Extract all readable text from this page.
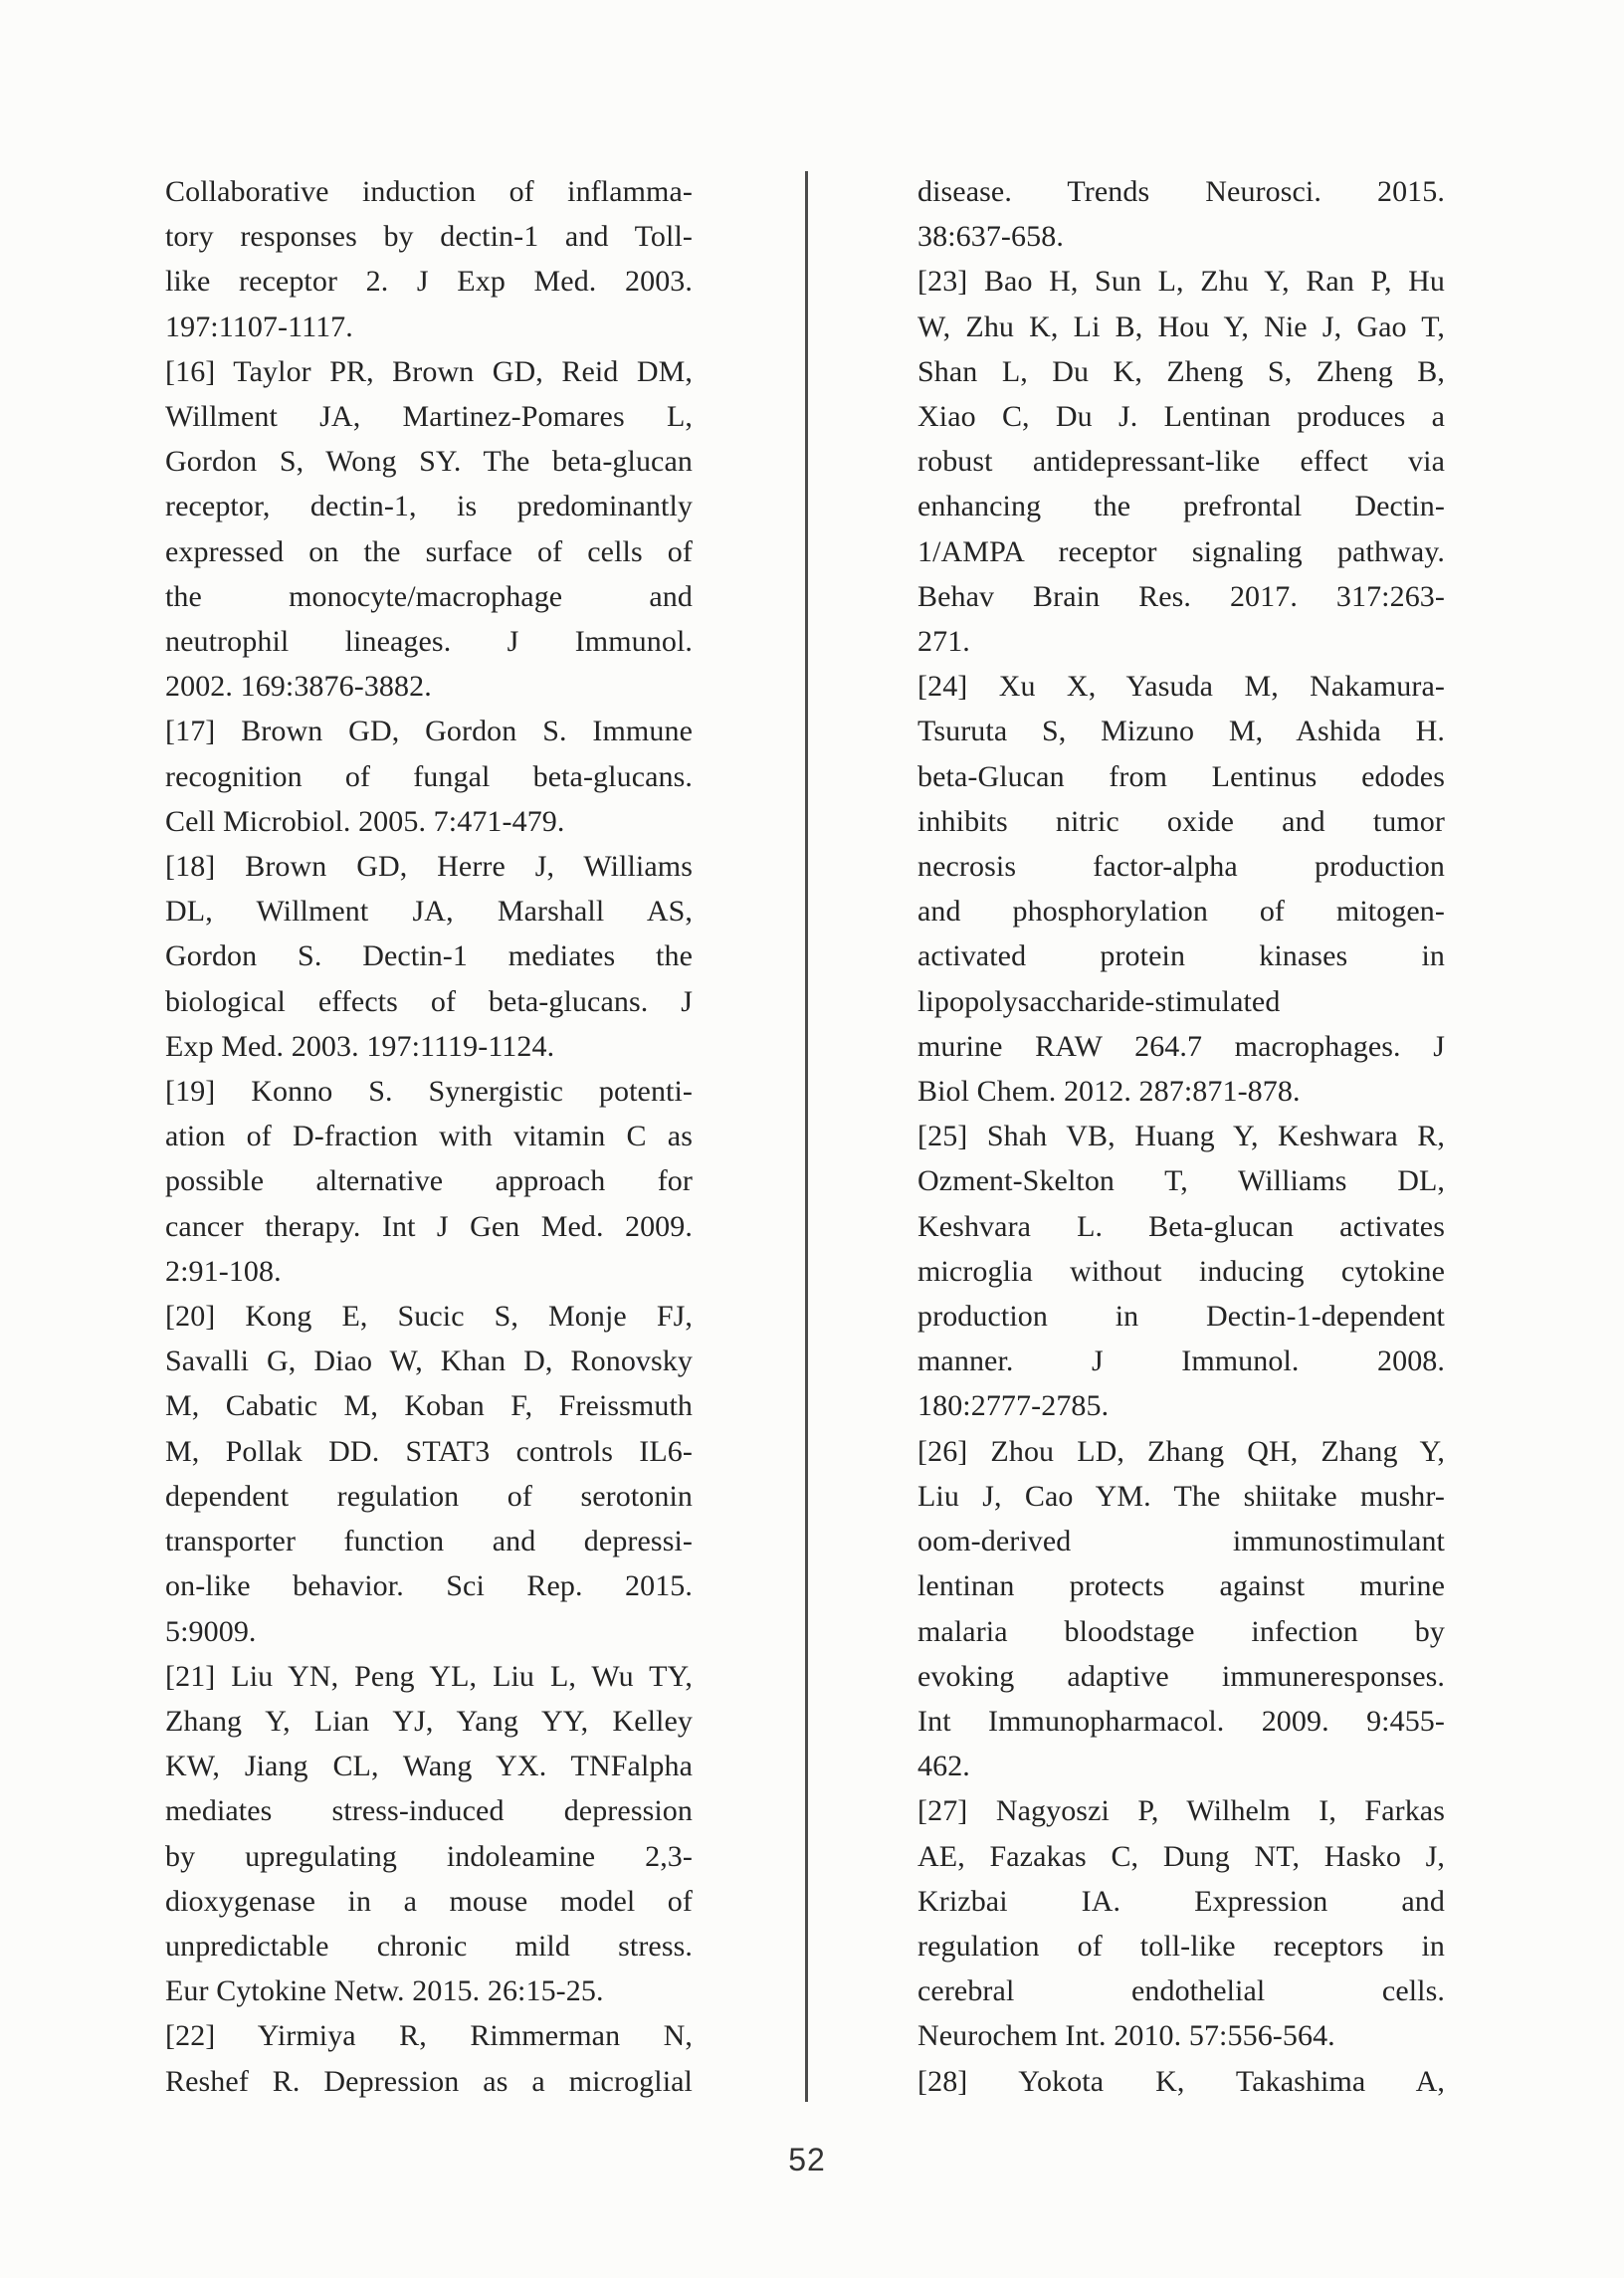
Collaborative induction of inflamma-
tory responses by dectin-1 and Toll-
like receptor 2. J Exp Med. 2003.
197:1107-1117.
[16] Taylor PR, Brown GD, Reid DM,
Willment JA, Martinez-Pomares L,
Gordon S, Wong SY. The beta-glucan
receptor, dectin-1, is predominantly
expressed on the surface of cells of
the monocyte/macrophage and
neutrophil lineages. J Immunol.
2002. 169:3876-3882.
[17] Brown GD, Gordon S. Immune
recognition of fungal beta-glucans.
Cell Microbiol. 2005. 7:471-479.
[18] Brown GD, Herre J, Williams
DL, Willment JA, Marshall AS,
Gordon S. Dectin-1 mediates the
biological effects of beta-glucans. J
Exp Med. 2003. 197:1119-1124.
[19] Konno S. Synergistic potenti-
ation of D-fraction with vitamin C as
possible alternative approach for
cancer therapy. Int J Gen Med. 2009.
2:91-108.
[20] Kong E, Sucic S, Monje FJ,
Savalli G, Diao W, Khan D, Ronovsky
M, Cabatic M, Koban F, Freissmuth
M, Pollak DD. STAT3 controls IL6-
dependent regulation of serotonin
transporter function and depressi-
on-like behavior. Sci Rep. 2015.
5:9009.
[21] Liu YN, Peng YL, Liu L, Wu TY,
Zhang Y, Lian YJ, Yang YY, Kelley
KW, Jiang CL, Wang YX. TNFalpha
mediates stress-induced depression
by upregulating indoleamine 2,3-
dioxygenase in a mouse model of
unpredictable chronic mild stress.
Eur Cytokine Netw. 2015. 26:15-25.
[22] Yirmiya R, Rimmerman N,
Reshef R. Depression as a microglial
disease. Trends Neurosci. 2015.
38:637-658.
[23] Bao H, Sun L, Zhu Y, Ran P, Hu
W, Zhu K, Li B, Hou Y, Nie J, Gao T,
Shan L, Du K, Zheng S, Zheng B,
Xiao C, Du J. Lentinan produces a
robust antidepressant-like effect via
enhancing the prefrontal Dectin-
1/AMPA receptor signaling pathway.
Behav Brain Res. 2017. 317:263-
271.
[24] Xu X, Yasuda M, Nakamura-
Tsuruta S, Mizuno M, Ashida H.
beta-Glucan from Lentinus edodes
inhibits nitric oxide and tumor
necrosis factor-alpha production
and phosphorylation of mitogen-
activated protein kinases in
lipopolysaccharide-stimulated
murine RAW 264.7 macrophages. J
Biol Chem. 2012. 287:871-878.
[25] Shah VB, Huang Y, Keshwara R,
Ozment-Skelton T, Williams DL,
Keshvara L. Beta-glucan activates
microglia without inducing cytokine
production in Dectin-1-dependent
manner. J Immunol. 2008.
180:2777-2785.
[26] Zhou LD, Zhang QH, Zhang Y,
Liu J, Cao YM. The shiitake mushr-
oom-derived immunostimulant
lentinan protects against murine
malaria bloodstage infection by
evoking adaptive immuneresponses.
Int Immunopharmacol. 2009. 9:455-
462.
[27] Nagyoszi P, Wilhelm I, Farkas
AE, Fazakas C, Dung NT, Hasko J,
Krizbai IA. Expression and
regulation of toll-like receptors in
cerebral endothelial cells.
Neurochem Int. 2010. 57:556-564.
[28] Yokota K, Takashima A,
52
